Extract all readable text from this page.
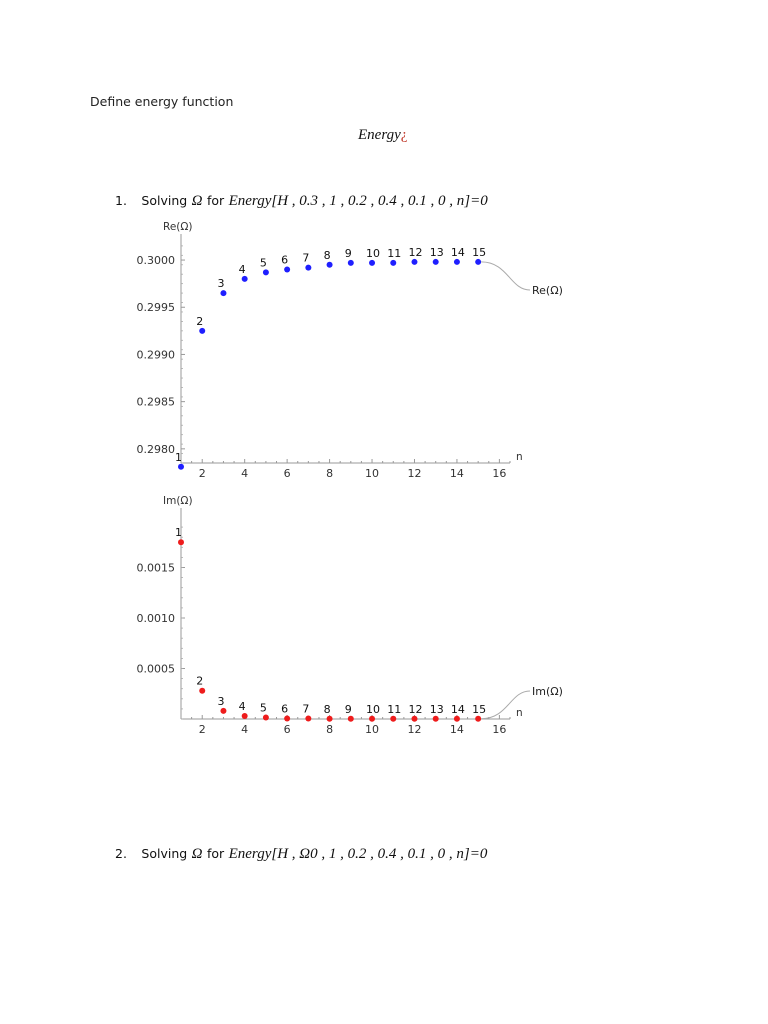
Define energy function
Energy¿
1. Solving Ω for Energy[H , 0.3 , 1 , 0.2 , 0.4 , 0.1 , 0 , n]=0
Re(Ω)
n
2	4	6	8	10	12	14	16
0.2980
0.2985
0.2990
0.2995
0.3000
1
2
3
4
5 6 7 8 9 10 11 12 13 14 15
Re(Ω)
Im(Ω)
n
2	4	6	8	10	12	14	16
0.0005
0.0010
0.0015
1
2
3 4 5 6 7 8 9 10 11 12 13 14 15
Im(Ω)
2. Solving Ω for Energy[H , Ω0 , 1 , 0.2 , 0.4 , 0.1 , 0 , n]=0
